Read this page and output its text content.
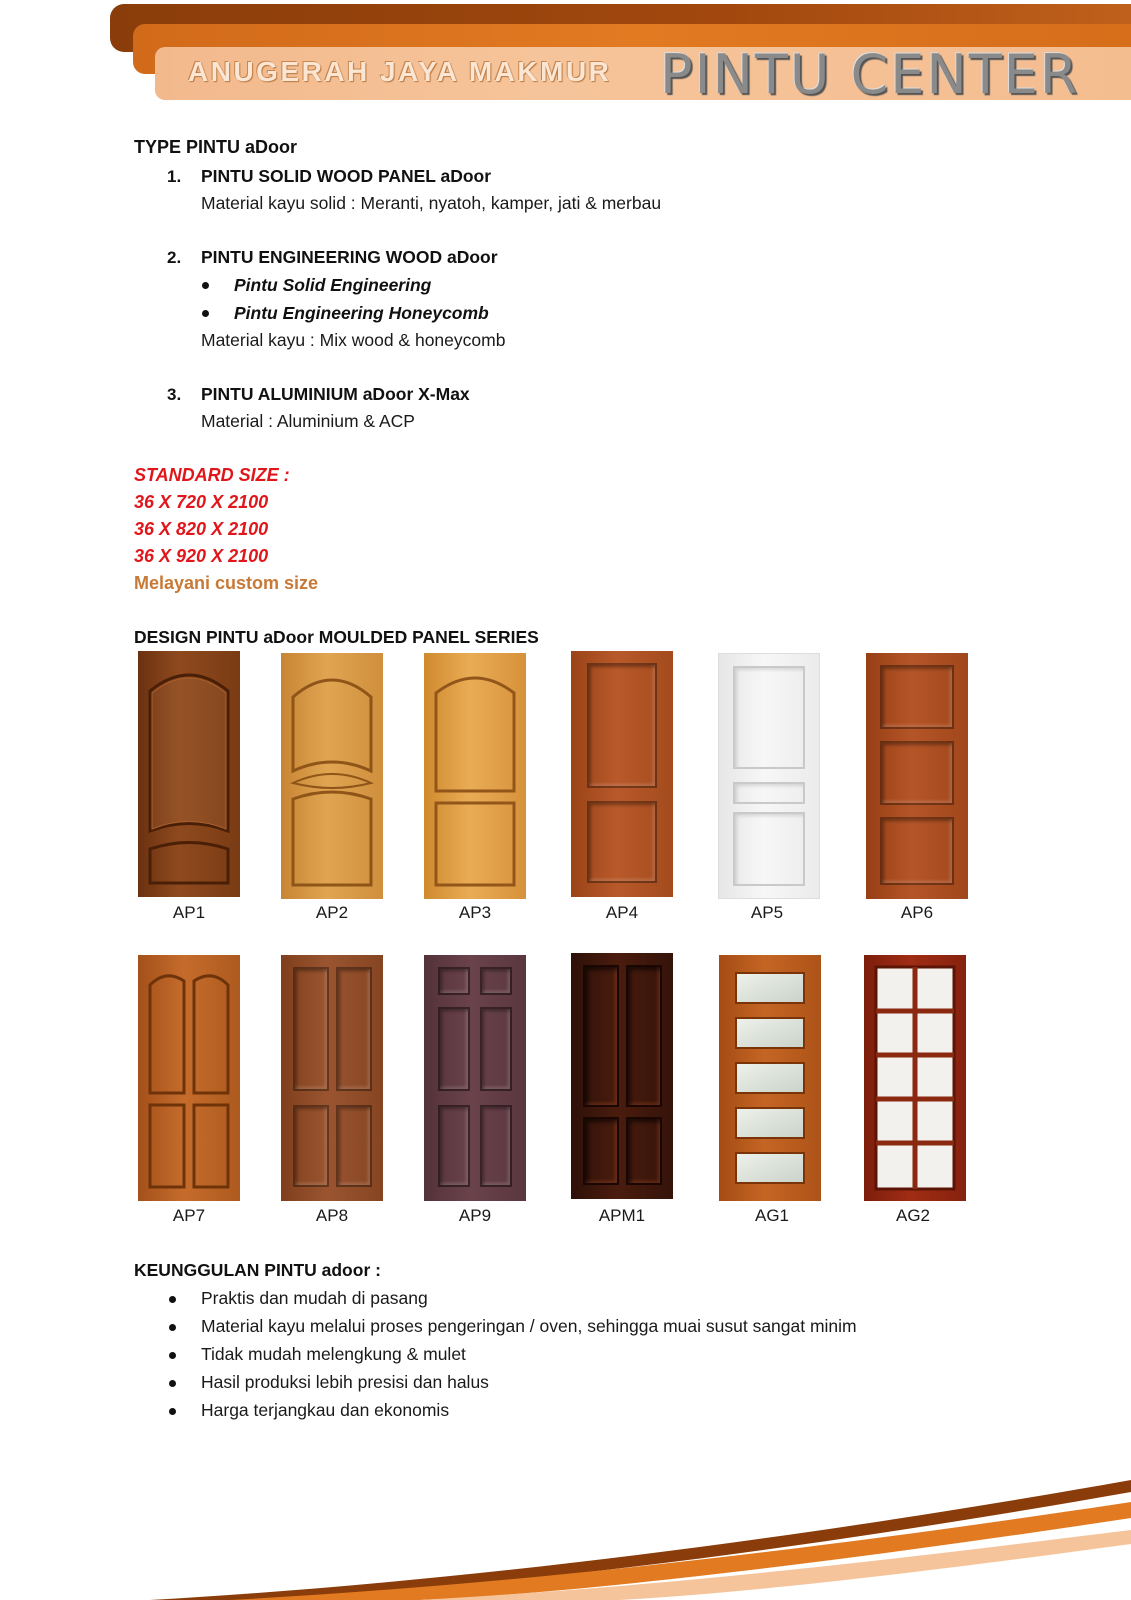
ANUGERAH JAYA MAKMUR PINTU CENTER
TYPE PINTU aDoor
1. PINTU SOLID WOOD PANEL aDoor
Material kayu solid : Meranti, nyatoh, kamper, jati & merbau
2. PINTU ENGINEERING WOOD aDoor
Pintu Solid Engineering
Pintu Engineering Honeycomb
Material kayu : Mix wood & honeycomb
3. PINTU ALUMINIUM aDoor X-Max
Material : Aluminium & ACP
STANDARD SIZE :
36 X 720 X 2100
36 X 820 X 2100
36 X 920 X 2100
Melayani custom size
DESIGN PINTU aDoor MOULDED PANEL SERIES
AP1	AP2	AP3	AP4	AP5	AP6
AP7	AP8	AP9	APM1	AG1	AG2
KEUNGGULAN PINTU adoor :
Praktis dan mudah di pasang
Material kayu melalui proses pengeringan / oven, sehingga muai susut sangat minim
Tidak mudah melengkung & mulet
Hasil produksi lebih presisi dan halus
Harga terjangkau dan ekonomis
